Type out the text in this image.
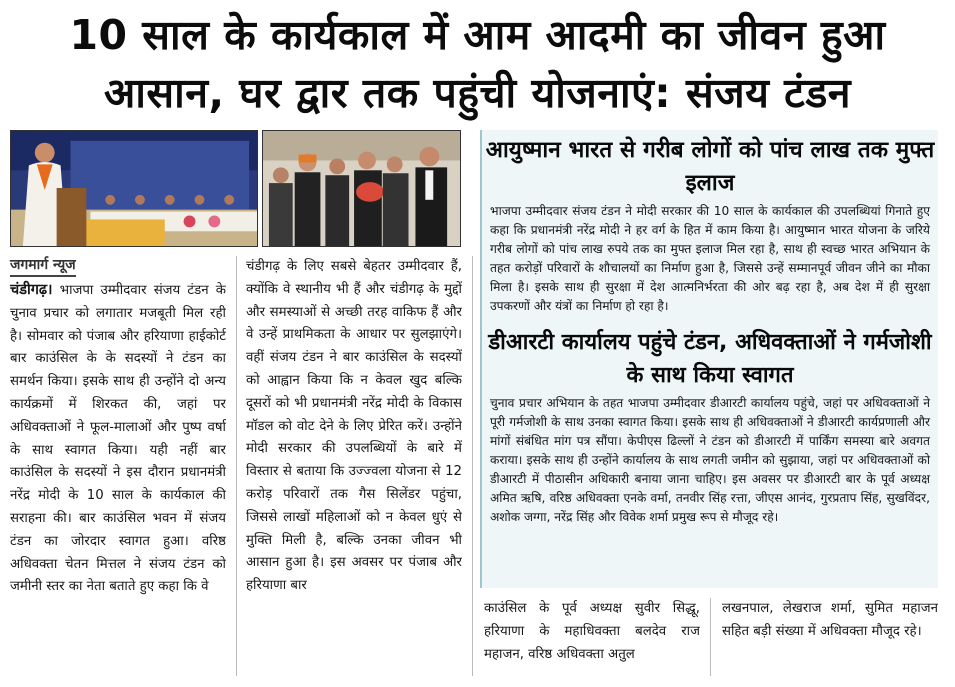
10 साल के कार्यकाल में आम आदमी का जीवन हुआ
आसान, घर द्वार तक पहुंची योजनाएं: संजय टंडन
जगमार्ग न्यूज
चंडीगढ़। भाजपा उम्मीदवार संजय टंडन के चुनाव प्रचार को लगातार मजबूती मिल रही है। सोमवार को पंजाब और हरियाणा हाईकोर्ट बार काउंसिल के के सदस्यों ने टंडन का समर्थन किया। इसके साथ ही उन्होंने दो अन्य कार्यक्रमों में शिरकत की, जहां पर अधिवक्ताओं ने फूल-मालाओं और पुष्प वर्षा के साथ स्वागत किया। यही नहीं बार काउंसिल के सदस्यों ने इस दौरान प्रधानमंत्री नरेंद्र मोदी के 10 साल के कार्यकाल की सराहना की। बार काउंसिल भवन में संजय टंडन का जोरदार स्वागत हुआ। वरिष्ठ अधिवक्ता चेतन मित्तल ने संजय टंडन को जमीनी स्तर का नेता बताते हुए कहा कि वे
चंडीगढ़ के लिए सबसे बेहतर उम्मीदवार हैं, क्योंकि वे स्थानीय भी हैं और चंडीगढ़ के मुद्दों और समस्याओं से अच्छी तरह वाकिफ हैं और वे उन्हें प्राथमिकता के आधार पर सुलझाएंगे। वहीं संजय टंडन ने बार काउंसिल के सदस्यों को आह्वान किया कि न केवल खुद बल्कि दूसरों को भी प्रधानमंत्री नरेंद्र मोदी के विकास मॉडल को वोट देने के लिए प्रेरित करें। उन्होंने मोदी सरकार की उपलब्धियों के बारे में विस्तार से बताया कि उज्ज्वला योजना से 12 करोड़ परिवारों तक गैस सिलेंडर पहुंचा, जिससे लाखों महिलाओं को न केवल धुएं से मुक्ति मिली है, बल्कि उनका जीवन भी आसान हुआ है। इस अवसर पर पंजाब और हरियाणा बार
आयुष्मान भारत से गरीब लोगों को पांच लाख तक मुफ्त इलाज
भाजपा उम्मीदवार संजय टंडन ने मोदी सरकार की 10 साल के कार्यकाल की उपलब्धियां गिनाते हुए कहा कि प्रधानमंत्री नरेंद्र मोदी ने हर वर्ग के हित में काम किया है। आयुष्मान भारत योजना के जरिये गरीब लोगों को पांच लाख रुपये तक का मुफ्त इलाज मिल रहा है, साथ ही स्वच्छ भारत अभियान के तहत करोड़ों परिवारों के शौचालयों का निर्माण हुआ है, जिससे उन्हें सम्मानपूर्व जीवन जीने का मौका मिला है। इसके साथ ही सुरक्षा में देश आत्मनिर्भरता की ओर बढ़ रहा है, अब देश में ही सुरक्षा उपकरणों और यंत्रों का निर्माण हो रहा है।
डीआरटी कार्यालय पहुंचे टंडन, अधिवक्ताओं ने गर्मजोशी के साथ किया स्वागत
चुनाव प्रचार अभियान के तहत भाजपा उम्मीदवार डीआरटी कार्यालय पहुंचे, जहां पर अधिवक्ताओं ने पूरी गर्मजोशी के साथ उनका स्वागत किया। इसके साथ ही अधिवक्ताओं ने डीआरटी कार्यप्रणाली और मांगों संबंधित मांग पत्र सौंपा। केपीएस ढिल्लों ने टंडन को डीआरटी में पार्किंग समस्या बारे अवगत कराया। इसके साथ ही उन्होंने कार्यालय के साथ लगती जमीन को सुझाया, जहां पर अधिवक्ताओं को डीआरटी में पीठासीन अधिकारी बनाया जाना चाहिए। इस अवसर पर डीआरटी बार के पूर्व अध्यक्ष अमित ऋषि, वरिष्ठ अधिवक्ता एनके वर्मा, तनवीर सिंह रत्ता, जीएस आनंद, गुरप्रताप सिंह, सुखविंदर, अशोक जग्गा, नरेंद्र सिंह और विवेक शर्मा प्रमुख रूप से मौजूद रहे।
काउंसिल के पूर्व अध्यक्ष सुवीर सिद्धू, हरियाणा के महाधिवक्ता बलदेव राज महाजन, वरिष्ठ अधिवक्ता अतुल
लखनपाल, लेखराज शर्मा, सुमित महाजन सहित बड़ी संख्या में अधिवक्ता मौजूद रहे।
